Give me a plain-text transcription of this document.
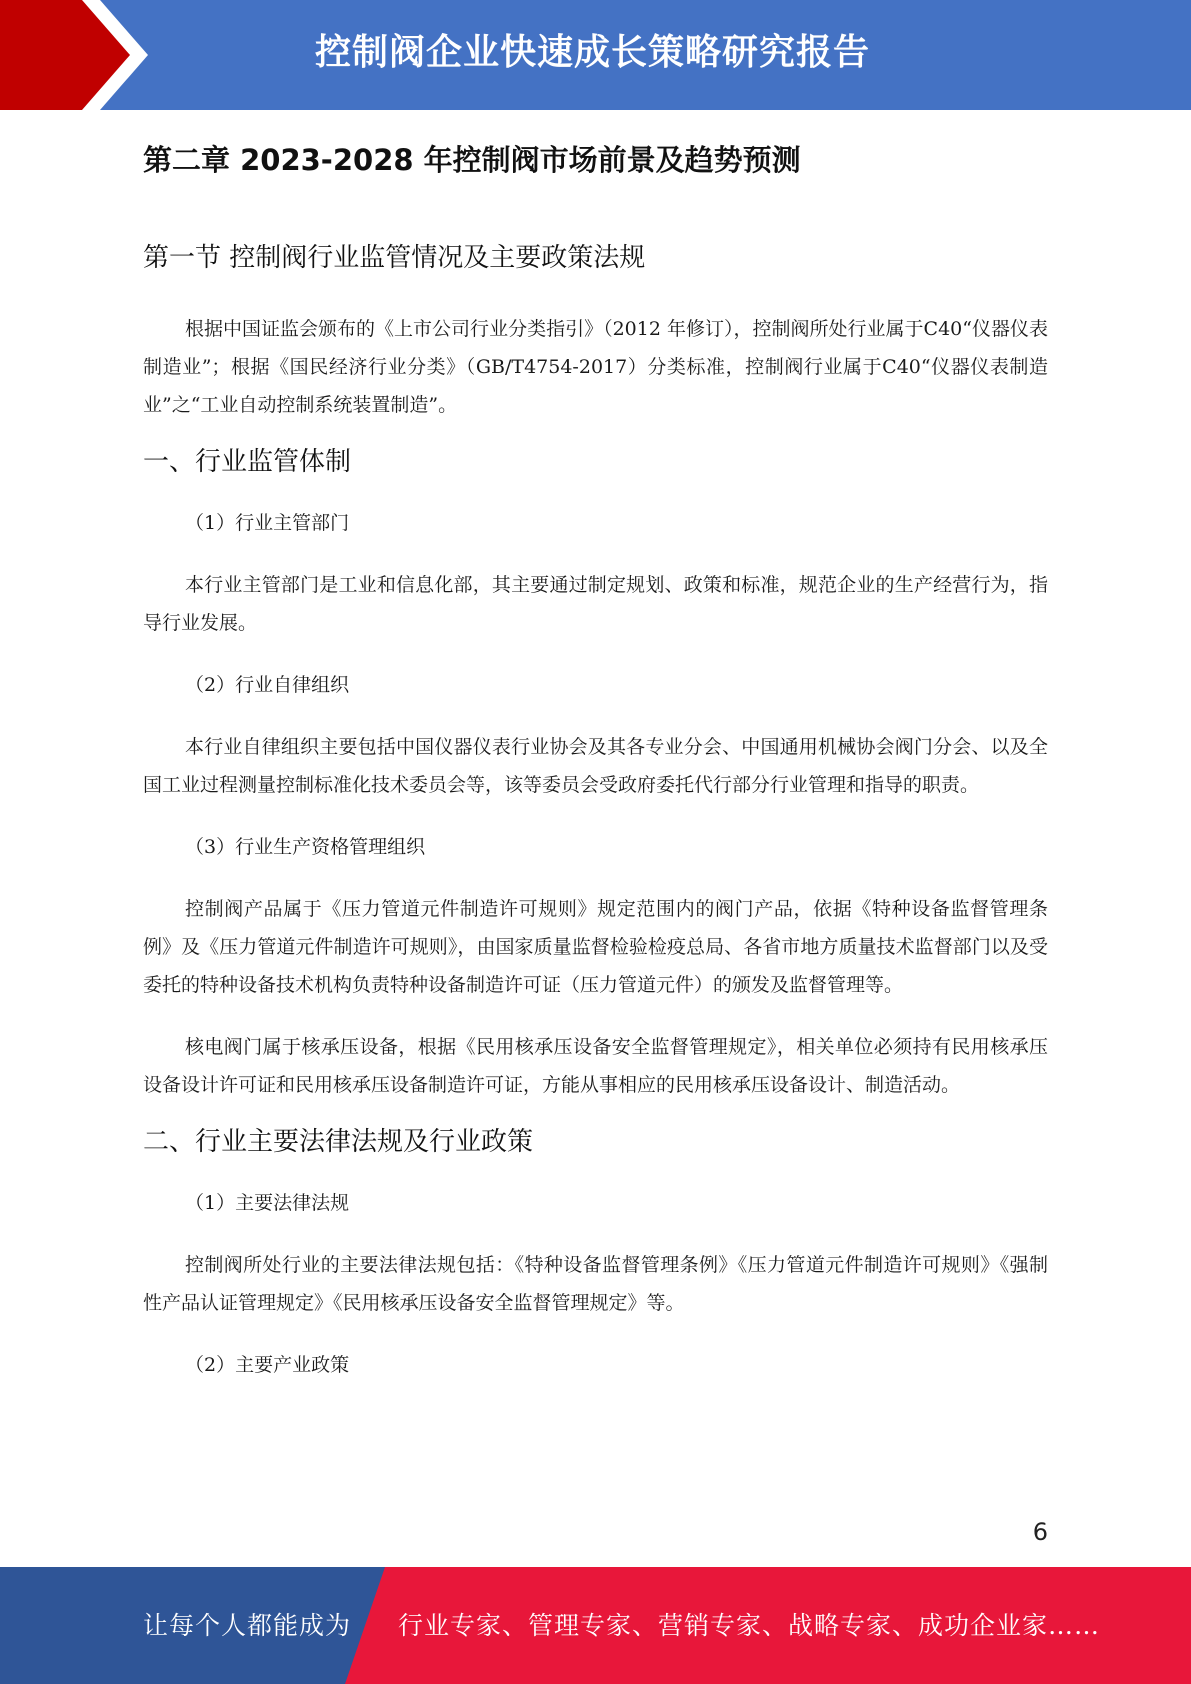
控制阀企业快速成长策略研究报告
第二章 2023-2028 年控制阀市场前景及趋势预测
第一节 控制阀行业监管情况及主要政策法规

根据中国证监会颁布的《上市公司行业分类指引》（2012 年修订），控制阀所处行业属于C40“仪器仪表制造业”；根据《国民经济行业分类》（GB/T4754-2017）分类标准，控制阀行业属于C40“仪器仪表制造业”之“工业自动控制系统装置制造”。

一、行业监管体制
（1）行业主管部门

本行业主管部门是工业和信息化部，其主要通过制定规划、政策和标准，规范企业的生产经营行为，指导行业发展。

（2）行业自律组织

本行业自律组织主要包括中国仪器仪表行业协会及其各专业分会、中国通用机械协会阀门分会、以及全国工业过程测量控制标准化技术委员会等，该等委员会受政府委托代行部分行业管理和指导的职责。

（3）行业生产资格管理组织

控制阀产品属于《压力管道元件制造许可规则》规定范围内的阀门产品，依据《特种设备监督管理条例》及《压力管道元件制造许可规则》，由国家质量监督检验检疫总局、各省市地方质量技术监督部门以及受委托的特种设备技术机构负责特种设备制造许可证（压力管道元件）的颁发及监督管理等。

核电阀门属于核承压设备，根据《民用核承压设备安全监督管理规定》，相关单位必须持有民用核承压设备设计许可证和民用核承压设备制造许可证，方能从事相应的民用核承压设备设计、制造活动。

二、行业主要法律法规及行业政策
（1）主要法律法规

控制阀所处行业的主要法律法规包括：《特种设备监督管理条例》《压力管道元件制造许可规则》《强制性产品认证管理规定》《民用核承压设备安全监督管理规定》等。

（2）主要产业政策
6
让每个人都能成为 行业专家、管理专家、营销专家、战略专家、成功企业家……
